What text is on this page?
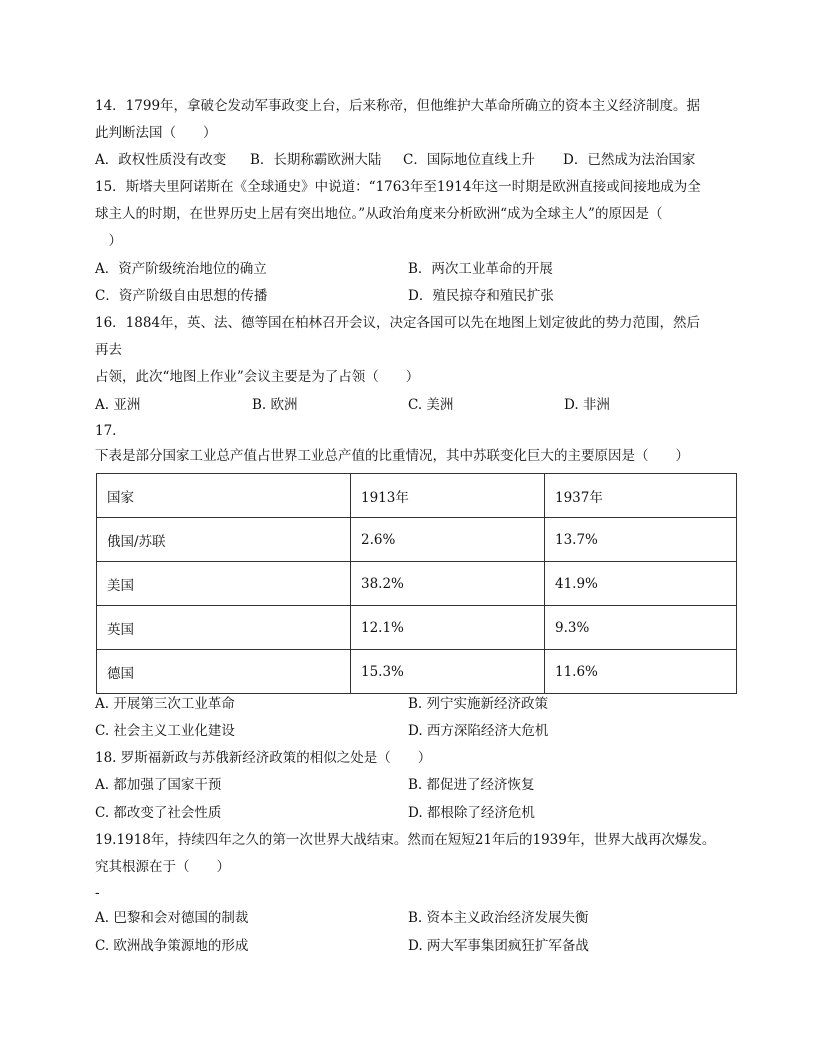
14．1799年，拿破仑发动军事政变上台，后来称帝，但他维护大革命所确立的资本主义经济制度。据
此判断法国（　　）
A．政权性质没有改变 B．长期称霸欧洲大陆 C．国际地位直线上升 D．已然成为法治国家
15．斯塔夫里阿诺斯在《全球通史》中说道：“1763年至1914年这一时期是欧洲直接或间接地成为全
球主人的时期，在世界历史上居有突出地位。”从政治角度来分析欧洲“成为全球主人”的原因是（
　）
A．资产阶级统治地位的确立	B．两次工业革命的开展
C．资产阶级自由思想的传播	D．殖民掠夺和殖民扩张
16．1884年，英、法、德等国在柏林召开会议，决定各国可以先在地图上划定彼此的势力范围，然后
再去
占领，此次“地图上作业”会议主要是为了占领（　　）
A. 亚洲	B. 欧洲	C. 美洲	D. 非洲
17.
下表是部分国家工业总产值占世界工业总产值的比重情况，其中苏联变化巨大的主要原因是（　　）
国家	1913年	1937年
俄国/苏联	2.6%	13.7%
美国	38.2%	41.9%
英国	12.1%	9.3%
德国	15.3%	11.6%
A. 开展第三次工业革命	B. 列宁实施新经济政策
C. 社会主义工业化建设	D. 西方深陷经济大危机
18. 罗斯福新政与苏俄新经济政策的相似之处是（　　）
A. 都加强了国家干预	B. 都促进了经济恢复
C. 都改变了社会性质	D. 都根除了经济危机
19.1918年，持续四年之久的第一次世界大战结束。然而在短短21年后的1939年，世界大战再次爆发。
究其根源在于（　　）
-
A. 巴黎和会对德国的制裁	B. 资本主义政治经济发展失衡
C. 欧洲战争策源地的形成	D. 两大军事集团疯狂扩军备战
